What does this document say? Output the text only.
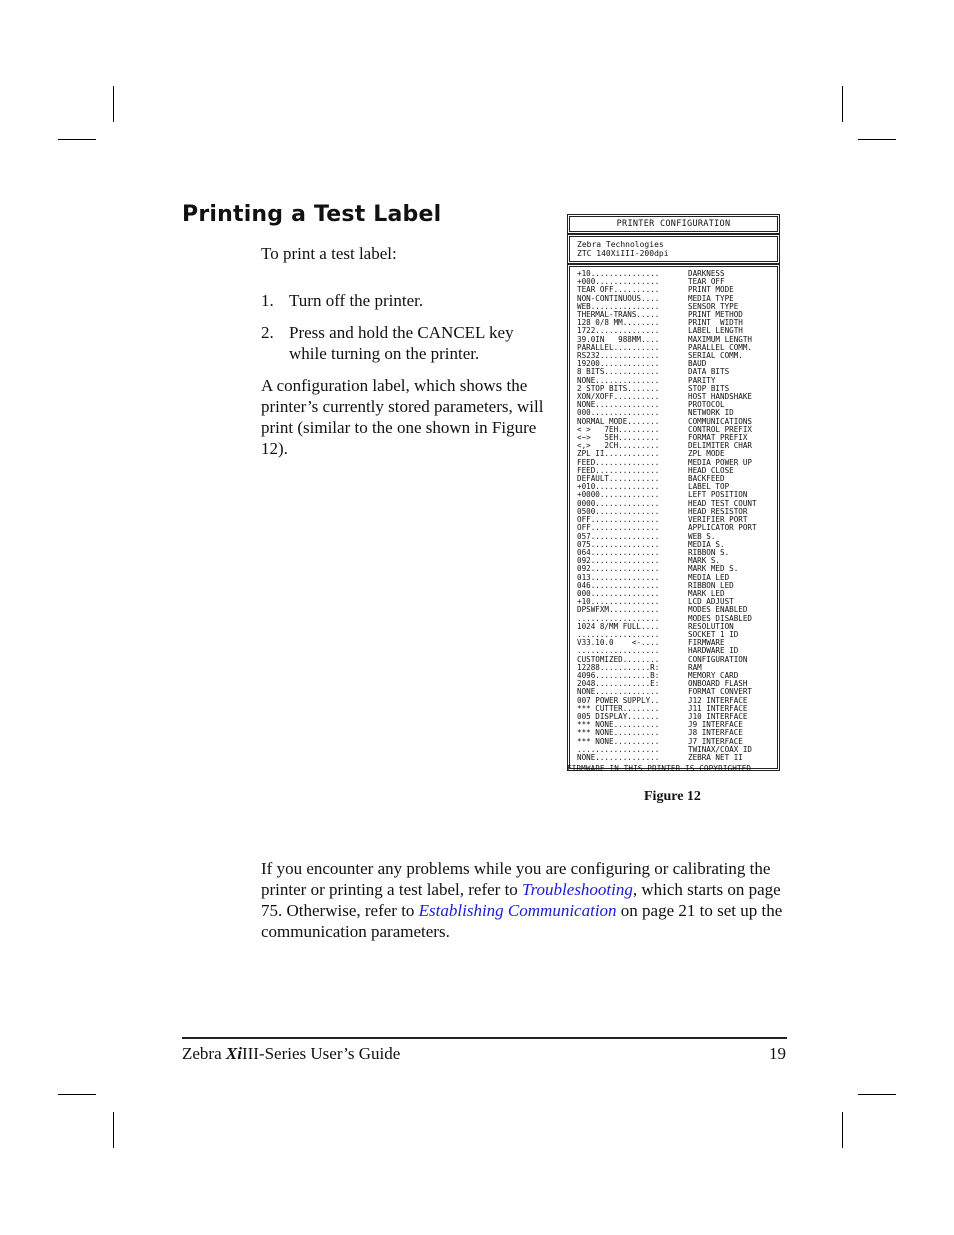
Printing a Test Label
To print a test label:
1. Turn off the printer.
2. Press and hold the CANCEL key while turning on the printer.

A configuration label, which shows the printer’s currently stored parameters, will print (similar to the one shown in Figure 12).

PRINTER CONFIGURATION
Zebra Technologies
ZTC 140XiIII-200dpi
+10...............	DARKNESS
+000..............	TEAR OFF
TEAR OFF..........	PRINT MODE
NON-CONTINUOUS....	MEDIA TYPE
WEB...............	SENSOR TYPE
THERMAL-TRANS.....	PRINT METHOD
128 0/8 MM........	PRINT  WIDTH
1722..............	LABEL LENGTH
39.0IN   988MM....	MAXIMUM LENGTH
PARALLEL..........	PARALLEL COMM.
RS232.............	SERIAL COMM.
19200.............	BAUD
8 BITS............	DATA BITS
NONE..............	PARITY
2 STOP BITS.......	STOP BITS
XON/XOFF..........	HOST HANDSHAKE
NONE..............	PROTOCOL
000...............	NETWORK ID
NORMAL MODE.......	COMMUNICATIONS
< >   7EH.........	CONTROL PREFIX
<~>   5EH.........	FORMAT PREFIX
<,>   2CH.........	DELIMITER CHAR
ZPL II............	ZPL MODE
FEED..............	MEDIA POWER UP
FEED..............	HEAD CLOSE
DEFAULT...........	BACKFEED
+010..............	LABEL TOP
+0000.............	LEFT POSITION
0000..............	HEAD TEST COUNT
0500..............	HEAD RESISTOR
OFF...............	VERIFIER PORT
OFF...............	APPLICATOR PORT
057...............	WEB S.
075...............	MEDIA S.
064...............	RIBBON S.
092...............	MARK S.
092...............	MARK MED S.
013...............	MEDIA LED
046...............	RIBBON LED
000...............	MARK LED
+10...............	LCD ADJUST
DPSWFXM...........	MODES ENABLED
..................	MODES DISABLED
1024 8/MM FULL....	RESOLUTION
..................	SOCKET 1 ID
V33.10.0    <-....	FIRMWARE
..................	HARDWARE ID
CUSTOMIZED........	CONFIGURATION
12288...........R:	RAM
4096............B:	MEMORY CARD
2048............E:	ONBOARD FLASH
NONE..............	FORMAT CONVERT
007 POWER SUPPLY..	J12 INTERFACE
*** CUTTER........	J11 INTERFACE
005 DISPLAY.......	J10 INTERFACE
*** NONE..........	J9 INTERFACE
*** NONE..........	J8 INTERFACE
*** NONE..........	J7 INTERFACE
..................	TWINAX/COAX ID
NONE..............	ZEBRA NET II
FIRMWARE IN THIS PRINTER IS COPYRIGHTED
Figure 12

If you encounter any problems while you are configuring or calibrating the printer or printing a test label, refer to Troubleshooting, which starts on page 75. Otherwise, refer to Establishing Communication on page 21 to set up the communication parameters.

Zebra XiIII-Series User’s Guide	19
